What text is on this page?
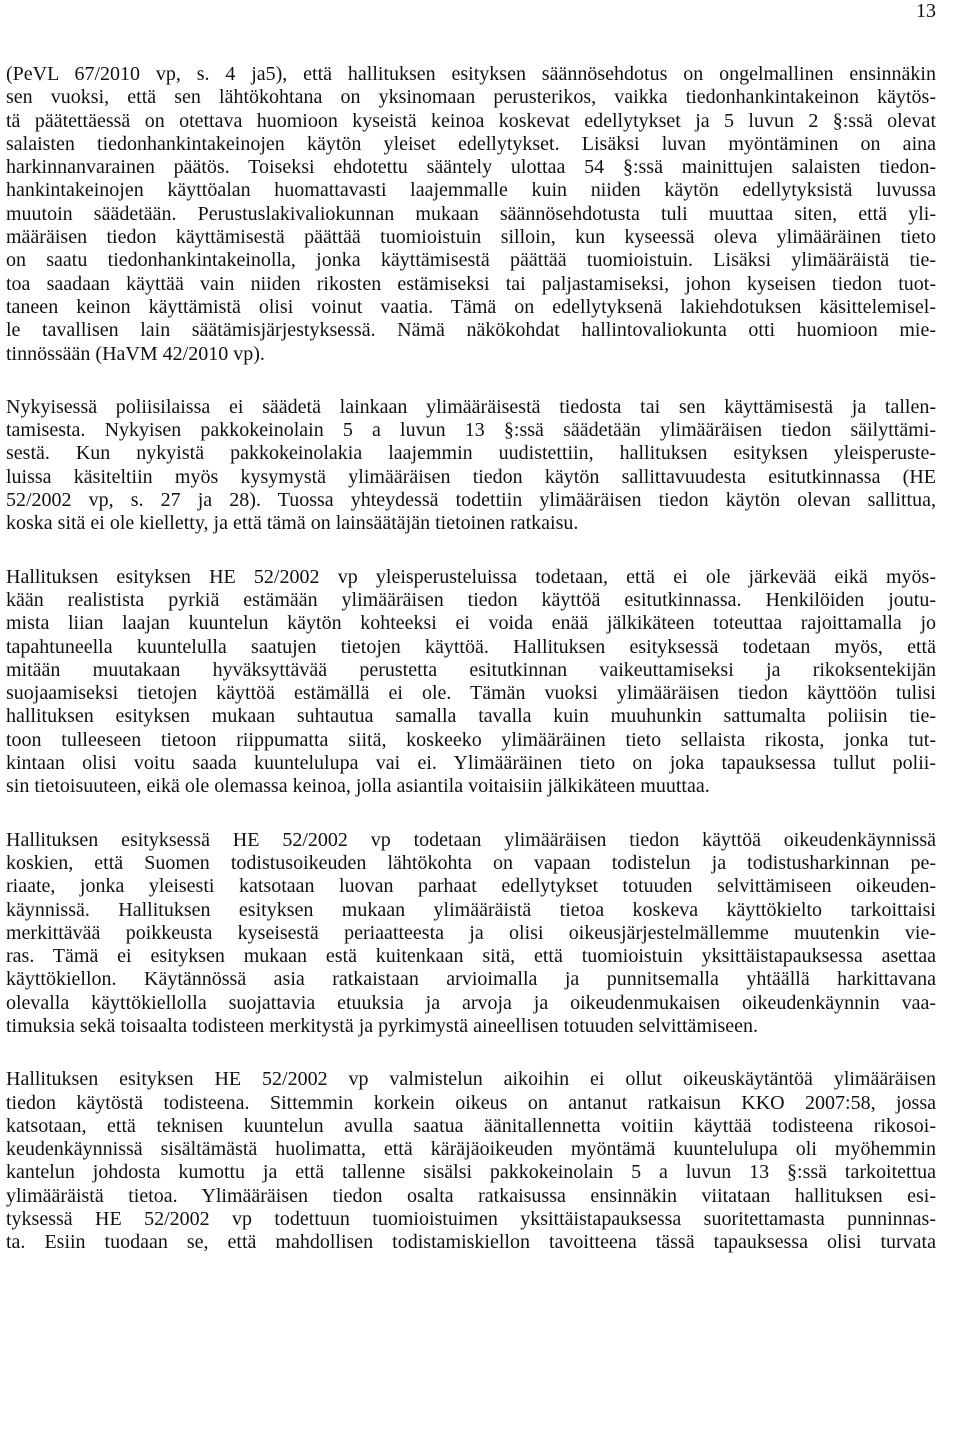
13
(PeVL 67/2010 vp, s. 4 ja5), että hallituksen esityksen säännösehdotus on ongelmallinen ensinnäkin
sen vuoksi, että sen lähtökohtana on yksinomaan perusterikos, vaikka tiedonhankintakeinon käytös-
tä päätettäessä on otettava huomioon kyseistä keinoa koskevat edellytykset ja 5 luvun 2 §:ssä olevat
salaisten tiedonhankintakeinojen käytön yleiset edellytykset. Lisäksi luvan myöntäminen on aina
harkinnanvarainen päätös. Toiseksi ehdotettu sääntely ulottaa 54 §:ssä mainittujen salaisten tiedon-
hankintakeinojen käyttöalan huomattavasti laajemmalle kuin niiden käytön edellytyksistä luvussa
muutoin säädetään. Perustuslakivaliokunnan mukaan säännösehdotusta tuli muuttaa siten, että yli-
määräisen tiedon käyttämisestä päättää tuomioistuin silloin, kun kyseessä oleva ylimääräinen tieto
on saatu tiedonhankintakeinolla, jonka käyttämisestä päättää tuomioistuin. Lisäksi ylimääräistä tie-
toa saadaan käyttää vain niiden rikosten estämiseksi tai paljastamiseksi, johon kyseisen tiedon tuot-
taneen keinon käyttämistä olisi voinut vaatia. Tämä on edellytyksenä lakiehdotuksen käsittelemisel-
le tavallisen lain säätämisjärjestyksessä. Nämä näkökohdat hallintovaliokunta otti huomioon mie-
tinnössään (HaVM 42/2010 vp).
Nykyisessä poliisilaissa ei säädetä lainkaan ylimääräisestä tiedosta tai sen käyttämisestä ja tallen-
tamisesta. Nykyisen pakkokeinolain 5 a luvun 13 §:ssä säädetään ylimääräisen tiedon säilyttämi-
sestä. Kun nykyistä pakkokeinolakia laajemmin uudistettiin, hallituksen esityksen yleisperuste-
luissa käsiteltiin myös kysymystä ylimääräisen tiedon käytön sallittavuudesta esitutkinnassa (HE
52/2002 vp, s. 27 ja 28). Tuossa yhteydessä todettiin ylimääräisen tiedon käytön olevan sallittua,
koska sitä ei ole kielletty, ja että tämä on lainsäätäjän tietoinen ratkaisu.
Hallituksen esityksen HE 52/2002 vp yleisperusteluissa todetaan, että ei ole järkevää eikä myös-
kään realistista pyrkiä estämään ylimääräisen tiedon käyttöä esitutkinnassa. Henkilöiden joutu-
mista liian laajan kuuntelun käytön kohteeksi ei voida enää jälkikäteen toteuttaa rajoittamalla jo
tapahtuneella kuuntelulla saatujen tietojen käyttöä. Hallituksen esityksessä todetaan myös, että
mitään muutakaan hyväksyttävää perustetta esitutkinnan vaikeuttamiseksi ja rikoksentekijän
suojaamiseksi tietojen käyttöä estämällä ei ole. Tämän vuoksi ylimääräisen tiedon käyttöön tulisi
hallituksen esityksen mukaan suhtautua samalla tavalla kuin muuhunkin sattumalta poliisin tie-
toon tulleeseen tietoon riippumatta siitä, koskeeko ylimääräinen tieto sellaista rikosta, jonka tut-
kintaan olisi voitu saada kuuntelulupa vai ei. Ylimääräinen tieto on joka tapauksessa tullut polii-
sin tietoisuuteen, eikä ole olemassa keinoa, jolla asiantila voitaisiin jälkikäteen muuttaa.
Hallituksen esityksessä HE 52/2002 vp todetaan ylimääräisen tiedon käyttöä oikeudenkäynnissä
koskien, että Suomen todistusoikeuden lähtökohta on vapaan todistelun ja todistusharkinnan pe-
riaate, jonka yleisesti katsotaan luovan parhaat edellytykset totuuden selvittämiseen oikeuden-
käynnissä. Hallituksen esityksen mukaan ylimääräistä tietoa koskeva käyttökielto tarkoittaisi
merkittävää poikkeusta kyseisestä periaatteesta ja olisi oikeusjärjestelmällemme muutenkin vie-
ras. Tämä ei esityksen mukaan estä kuitenkaan sitä, että tuomioistuin yksittäistapauksessa asettaa
käyttökiellon. Käytännössä asia ratkaistaan arvioimalla ja punnitsemalla yhtäällä harkittavana
olevalla käyttökiellolla suojattavia etuuksia ja arvoja ja oikeudenmukaisen oikeudenkäynnin vaa-
timuksia sekä toisaalta todisteen merkitystä ja pyrkimystä aineellisen totuuden selvittämiseen.
Hallituksen esityksen HE 52/2002 vp valmistelun aikoihin ei ollut oikeuskäytäntöä ylimääräisen
tiedon käytöstä todisteena. Sittemmin korkein oikeus on antanut ratkaisun KKO 2007:58, jossa
katsotaan, että teknisen kuuntelun avulla saatua äänitallennetta voitiin käyttää todisteena rikosoi-
keudenkäynnissä sisältämästä huolimatta, että käräjäoikeuden myöntämä kuuntelulupa oli myöhemmin
kantelun johdosta kumottu ja että tallenne sisälsi pakkokeinolain 5 a luvun 13 §:ssä tarkoitettua
ylimääräistä tietoa. Ylimääräisen tiedon osalta ratkaisussa ensinnäkin viitataan hallituksen esi-
tyksessä HE 52/2002 vp todettuun tuomioistuimen yksittäistapauksessa suoritettamasta punninnas-
ta. Esiin tuodaan se, että mahdollisen todistamiskiellon tavoitteena tässä tapauksessa olisi turvata
